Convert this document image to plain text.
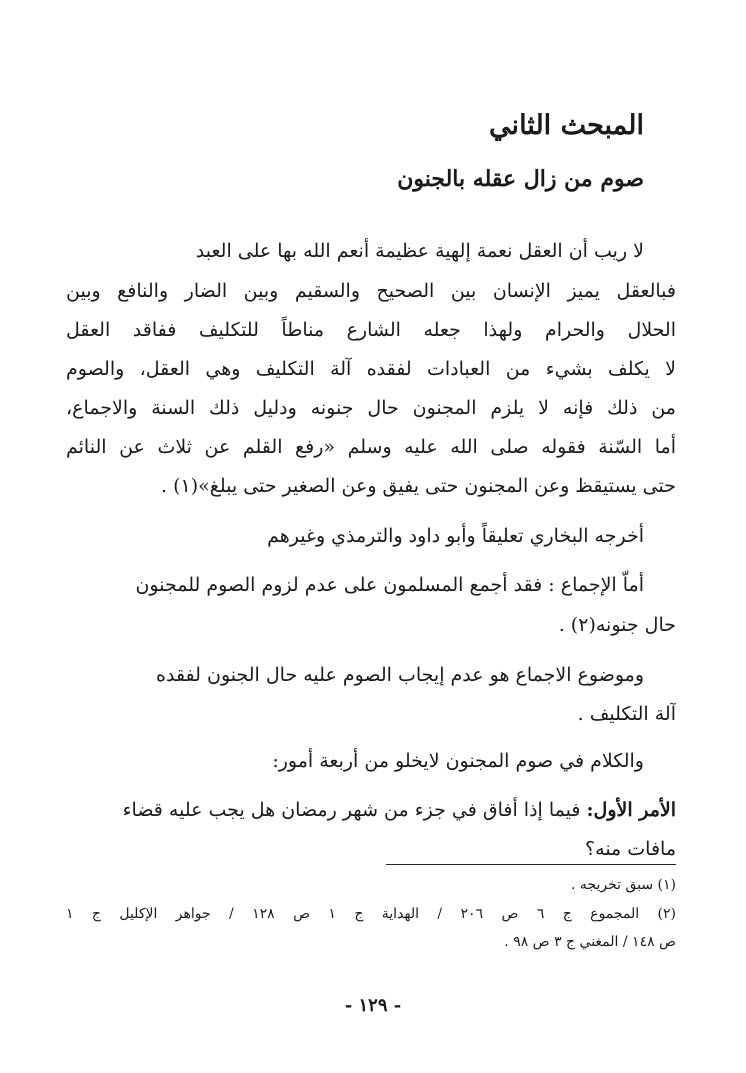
المبحث الثاني
صوم من زال عقله بالجنون
لا ريب أن العقل نعمة إلهية عظيمة أنعم الله بها على العبد
فبالعقل يميز الإنسان بين الصحيح والسقيم وبين الضار والنافع وبين
الحلال والحرام ولهذا جعله الشارع مناطاً للتكليف ففاقد العقل
لا يكلف بشيء من العبادات لفقده آلة التكليف وهي العقل، والصوم
من ذلك فإنه لا يلزم المجنون حال جنونه ودليل ذلك السنة والاجماع،
أما السّنة فقوله صلى الله عليه وسلم «رفع القلم عن ثلاث عن النائم
حتى يستيقظ وعن المجنون حتى يفيق وعن الصغير حتى يبلغ»(١) .
أخرجه البخاري تعليقاً وأبو داود والترمذي وغيرهم
أماّ الإجماع : فقد أجمع المسلمون على عدم لزوم الصوم للمجنون
حال جنونه(٢) .
وموضوع الاجماع هو عدم إيجاب الصوم عليه حال الجنون لفقده
آلة التكليف .
والكلام في صوم المجنون لايخلو من أربعة أمور:
الأمر الأول: فيما إذا أفاق في جزء من شهر رمضان هل يجب عليه قضاء
مافات منه؟
(١) سبق تخريجه .
(٢) المجموع ج ٦ ص ٢٠٦ / الهداية ج ١ ص ١٢٨ / جواهر الإكليل ج ١
ص ١٤٨ / المغني ج ٣ ص ٩٨ .
- ١٢٩ -
